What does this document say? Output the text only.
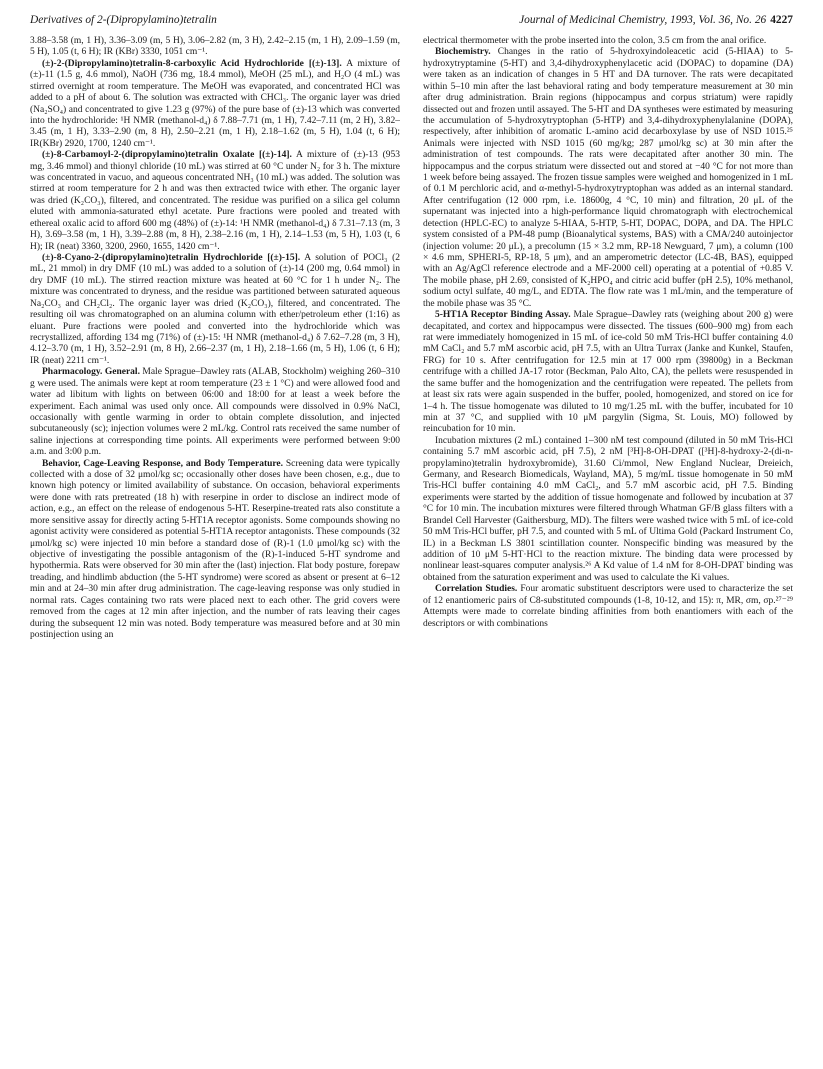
Derivatives of 2-(Dipropylamino)tetralin	Journal of Medicinal Chemistry, 1993, Vol. 36, No. 26 4227

3.88–3.58 (m, 1 H), 3.36–3.09 (m, 5 H), 3.06–2.82 (m, 3 H), 2.42–2.15 (m, 1 H), 2.09–1.59 (m, 5 H), 1.05 (t, 6 H); IR (KBr) 3330, 1051 cm⁻¹.

(±)-2-(Dipropylamino)tetralin-8-carboxylic Acid Hydrochloride [(±)-13]. A mixture of (±)-11 (1.5 g, 4.6 mmol), NaOH (736 mg, 18.4 mmol), MeOH (25 mL), and H₂O (4 mL) was stirred overnight at room temperature. The MeOH was evaporated, and concentrated HCl was added to a pH of about 6. The solution was extracted with CHCl₃. The organic layer was dried (Na₂SO₄) and concentrated to give 1.23 g (97%) of the pure base of (±)-13 which was converted into the hydrochloride: ¹H NMR (methanol-d₄) δ 7.88–7.71 (m, 1 H), 7.42–7.11 (m, 2 H), 3.82–3.45 (m, 1 H), 3.33–2.90 (m, 8 H), 2.50–2.21 (m, 1 H), 2.18–1.62 (m, 5 H), 1.04 (t, 6 H); IR(KBr) 2920, 1700, 1240 cm⁻¹.

(±)-8-Carbamoyl-2-(dipropylamino)tetralin Oxalate [(±)-14]. A mixture of (±)-13 (953 mg, 3.46 mmol) and thionyl chloride (10 mL) was stirred at 60 °C under N₂ for 3 h. The mixture was concentrated in vacuo, and aqueous concentrated NH₃ (10 mL) was added. The solution was stirred at room temperature for 2 h and was then extracted twice with ether. The organic layer was dried (K₂CO₃), filtered, and concentrated. The residue was purified on a silica gel column eluted with ammonia-saturated ethyl acetate. Pure fractions were pooled and treated with ethereal oxalic acid to afford 600 mg (48%) of (±)-14: ¹H NMR (methanol-d₄) δ 7.31–7.13 (m, 3 H), 3.69–3.58 (m, 1 H), 3.39–2.88 (m, 8 H), 2.38–2.16 (m, 1 H), 2.14–1.53 (m, 5 H), 1.03 (t, 6 H); IR (neat) 3360, 3200, 2960, 1655, 1420 cm⁻¹.

(±)-8-Cyano-2-(dipropylamino)tetralin Hydrochloride [(±)-15]. A solution of POCl₃ (2 mL, 21 mmol) in dry DMF (10 mL) was added to a solution of (±)-14 (200 mg, 0.64 mmol) in dry DMF (10 mL). The stirred reaction mixture was heated at 60 °C for 1 h under N₂. The mixture was concentrated to dryness, and the residue was partitioned between saturated aqueous Na₂CO₃ and CH₂Cl₂. The organic layer was dried (K₂CO₃), filtered, and concentrated. The resulting oil was chromatographed on an alumina column with ether/petroleum ether (1:16) as eluant. Pure fractions were pooled and converted into the hydrochloride which was recrystallized, affording 134 mg (71%) of (±)-15: ¹H NMR (methanol-d₄) δ 7.62–7.28 (m, 3 H), 4.12–3.70 (m, 1 H), 3.52–2.91 (m, 8 H), 2.66–2.37 (m, 1 H), 2.18–1.66 (m, 5 H), 1.06 (t, 6 H); IR (neat) 2211 cm⁻¹.

Pharmacology. General. Male Sprague–Dawley rats (ALAB, Stockholm) weighing 260–310 g were used. The animals were kept at room temperature (23 ± 1 °C) and were allowed food and water ad libitum with lights on between 06:00 and 18:00 for at least a week before the experiment. Each animal was used only once. All compounds were dissolved in 0.9% NaCl, occasionally with gentle warming in order to obtain complete dissolution, and injected subcutaneously (sc); injection volumes were 2 mL/kg. Control rats received the same number of saline injections at corresponding time points. All experiments were performed between 9:00 a.m. and 3:00 p.m.

Behavior, Cage-Leaving Response, and Body Temperature. Screening data were typically collected with a dose of 32 μmol/kg sc; occasionally other doses have been chosen, e.g., due to known high potency or limited availability of substance. On occasion, behavioral experiments were done with rats pretreated (18 h) with reserpine in order to disclose an indirect mode of action, e.g., an effect on the release of endogenous 5-HT. Reserpine-treated rats also constitute a more sensitive assay for directly acting 5-HT1A receptor agonists. Some compounds showing no agonist activity were considered as potential 5-HT1A receptor antagonists. These compounds (32 μmol/kg sc) were injected 10 min before a standard dose of (R)-1 (1.0 μmol/kg sc) with the objective of investigating the possible antagonism of the (R)-1-induced 5-HT syndrome and hypothermia. Rats were observed for 30 min after the (last) injection. Flat body posture, forepaw treading, and hindlimb abduction (the 5-HT syndrome) were scored as absent or present at 6–12 min and at 24–30 min after drug administration. The cage-leaving response was only studied in normal rats. Cages containing two rats were placed next to each other. The grid covers were removed from the cages at 12 min after injection, and the number of rats leaving their cages during the subsequent 12 min was noted. Body temperature was measured before and at 30 min postinjection using an

electrical thermometer with the probe inserted into the colon, 3.5 cm from the anal orifice.

Biochemistry. Changes in the ratio of 5-hydroxyindoleacetic acid (5-HIAA) to 5-hydroxytryptamine (5-HT) and 3,4-dihydroxyphenylacetic acid (DOPAC) to dopamine (DA) were taken as an indication of changes in 5 HT and DA turnover. The rats were decapitated within 5–10 min after the last behavioral rating and body temperature measurement at 30 min after drug administration. Brain regions (hippocampus and corpus striatum) were rapidly dissected out and frozen until assayed. The 5-HT and DA syntheses were estimated by measuring the accumulation of 5-hydroxytryptophan (5-HTP) and 3,4-dihydroxyphenylalanine (DOPA), respectively, after inhibition of aromatic L-amino acid decarboxylase by use of NSD 1015.²⁵ Animals were injected with NSD 1015 (60 mg/kg; 287 μmol/kg sc) at 30 min after the administration of test compounds. The rats were decapitated after another 30 min. The hippocampus and the corpus striatum were dissected out and stored at −40 °C for not more than 1 week before being assayed. The frozen tissue samples were weighed and homogenized in 1 mL of 0.1 M perchloric acid, and α-methyl-5-hydroxytryptophan was added as an internal standard. After centrifugation (12 000 rpm, i.e. 18600g, 4 °C, 10 min) and filtration, 20 μL of the supernatant was injected into a high-performance liquid chromatograph with electrochemical detection (HPLC-EC) to analyze 5-HIAA, 5-HTP, 5-HT, DOPAC, DOPA, and DA. The HPLC system consisted of a PM-48 pump (Bioanalytical systems, BAS) with a CMA/240 autoinjector (injection volume: 20 μL), a precolumn (15 × 3.2 mm, RP-18 Newguard, 7 μm), a column (100 × 4.6 mm, SPHERI-5, RP-18, 5 μm), and an amperometric detector (LC-4B, BAS), equipped with an Ag/AgCl reference electrode and a MF-2000 cell) operating at a potential of +0.85 V. The mobile phase, pH 2.69, consisted of K₂HPO₄ and citric acid buffer (pH 2.5), 10% methanol, sodium octyl sulfate, 40 mg/L, and EDTA. The flow rate was 1 mL/min, and the temperature of the mobile phase was 35 °C.

5-HT1A Receptor Binding Assay. Male Sprague–Dawley rats (weighing about 200 g) were decapitated, and cortex and hippocampus were dissected. The tissues (600–900 mg) from each rat were immediately homogenized in 15 mL of ice-cold 50 mM Tris-HCl buffer containing 4.0 mM CaCl₂ and 5.7 mM ascorbic acid, pH 7.5, with an Ultra Turrax (Janke and Kunkel, Staufen, FRG) for 10 s. After centrifugation for 12.5 min at 17 000 rpm (39800g) in a Beckman centrifuge with a chilled JA-17 rotor (Beckman, Palo Alto, CA), the pellets were resuspended in the same buffer and the homogenization and the centrifugation were repeated. The pellets from at least six rats were again suspended in the buffer, pooled, homogenized, and stored on ice for 1–4 h. The tissue homogenate was diluted to 10 mg/1.25 mL with the buffer, incubated for 10 min at 37 °C, and supplied with 10 μM pargylin (Sigma, St. Louis, MO) followed by reincubation for 10 min.

Incubation mixtures (2 mL) contained 1–300 nM test compound (diluted in 50 mM Tris-HCl containing 5.7 mM ascorbic acid, pH 7.5), 2 nM [³H]-8-OH-DPAT ([³H]-8-hydroxy-2-(di-n-propylamino)tetralin hydroxybromide), 31.60 Ci/mmol, New England Nuclear, Dreieich, Germany, and Research Biomedicals, Wayland, MA), 5 mg/mL tissue homogenate in 50 mM Tris-HCl buffer containing 4.0 mM CaCl₂, and 5.7 mM ascorbic acid, pH 7.5. Binding experiments were started by the addition of tissue homogenate and followed by incubation at 37 °C for 10 min. The incubation mixtures were filtered through Whatman GF/B glass filters with a Brandel Cell Harvester (Gaithersburg, MD). The filters were washed twice with 5 mL of ice-cold 50 mM Tris-HCl buffer, pH 7.5, and counted with 5 mL of Ultima Gold (Packard Instrument Co, IL) in a Beckman LS 3801 scintillation counter. Nonspecific binding was measured by the addition of 10 μM 5-HT·HCl to the reaction mixture. The binding data were processed by nonlinear least-squares computer analysis.²⁶ A Kd value of 1.4 nM for 8-OH-DPAT binding was obtained from the saturation experiment and was used to calculate the Ki values.

Correlation Studies. Four aromatic substituent descriptors were used to characterize the set of 12 enantiomeric pairs of C8-substituted compounds (1-8, 10-12, and 15): π, MR, σm, σp.²⁷⁻²⁹ Attempts were made to correlate binding affinities from both enantiomers with each of the descriptors or with combinations
